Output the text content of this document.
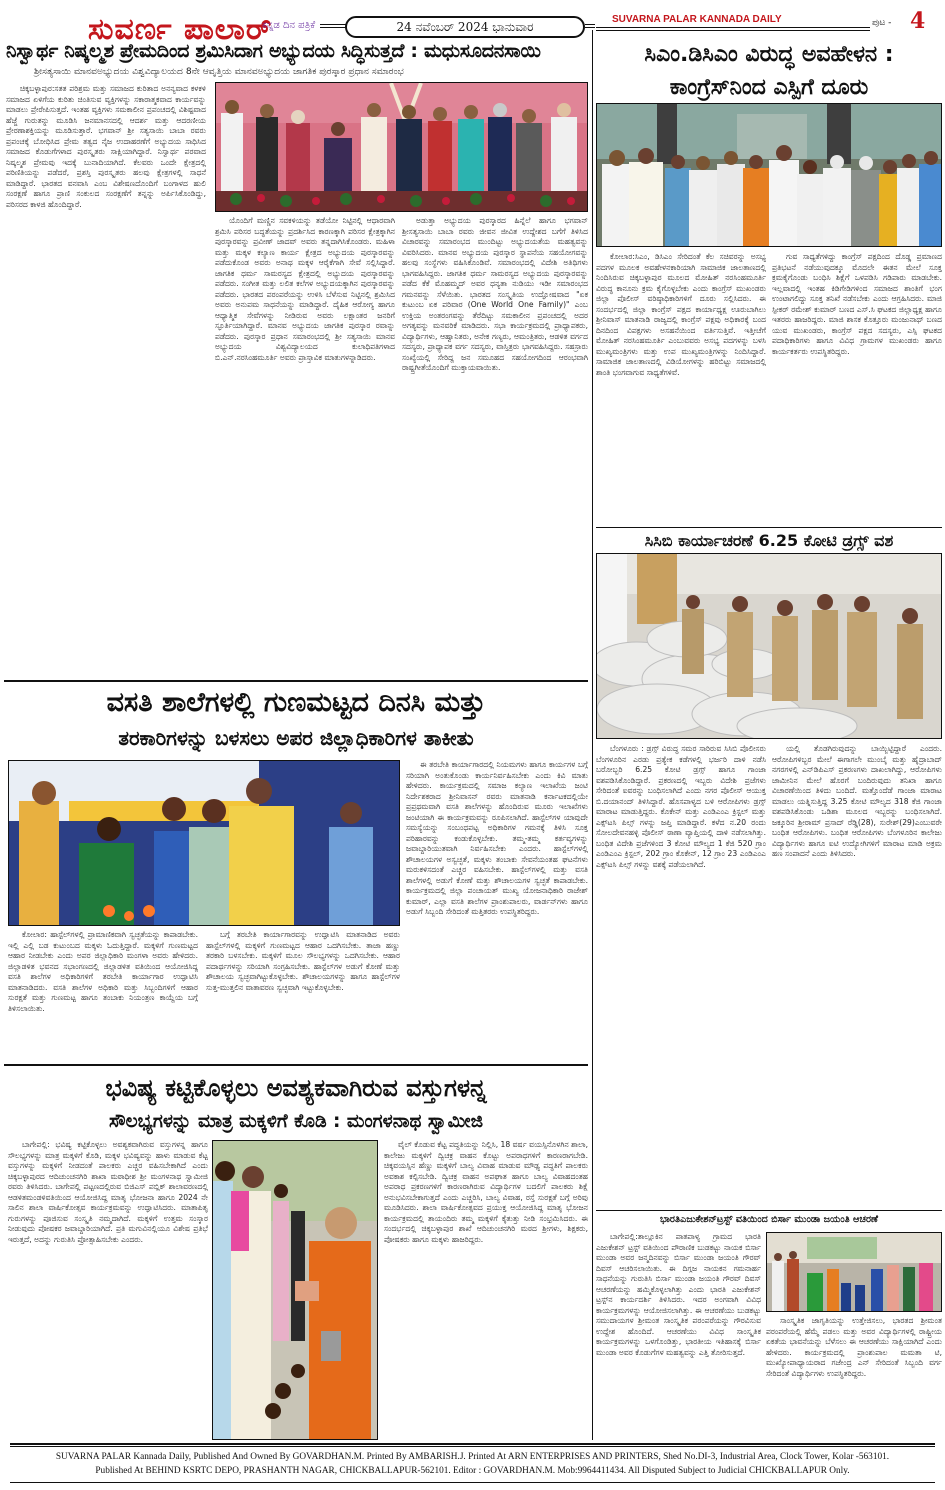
ಸುವರ್ಣ ಪಾಲಾರ್
ಕನ್ನಡ ದಿನ ಪತ್ರಿಕೆ	24 ನವೆಂಬರ್ 2024 ಭಾನುವಾರ
SUVARNA PALAR KANNADA DAILY	ಪುಟ - 4
ನಿಸ್ವಾರ್ಥ ನಿಷ್ಕಲ್ಮಶ ಪ್ರೇಮದಿಂದ ಶ್ರಮಿಸಿದಾಗ ಅಭ್ಯುದಯ ಸಿದ್ಧಿಸುತ್ತದೆ : ಮಧುಸೂದನಸಾಯಿ
ಶ್ರೀಸತ್ಯಸಾಯಿ ಮಾನವಅಭ್ಯುದಯ ವಿಶ್ವವಿದ್ಯಾಲಯದ 8ನೇ ಆವೃತ್ತಿಯ ಮಾನವಅಭ್ಯುದಯ ಜಾಗತಿಕ ಪುರಸ್ಕಾರ ಪ್ರಧಾನ ಸಮಾರಂಭ

ಚಿಕ್ಕಬಳ್ಳಾಪುರ:ಸತತ ಪರಿಶ್ರಮ ಮತ್ತು ಸಮಾಜದ ಕುರಿತಾದ ಅನನ್ಯವಾದ ಕಳಕಳಿ ಸಮಾಜದ ಏಳಿಗೆಯ ಕುರಿತು ಚಿಂತಿಸುವ ವ್ಯಕ್ತಿಗಳನ್ನು ಸಕಾರಾತ್ಮಕವಾದ ಕಾರ್ಯವನ್ನು ಮಾಡಲು ಪ್ರೇರೇಪಿಸುತ್ತದೆ. ಇಂತಹ ವ್ಯಕ್ತಿಗಳು ಸಮಕಾಲೀನ ಪ್ರಪಂಚದಲ್ಲಿ ವಿಶಿಷ್ಟವಾದ ಹೆಜ್ಜೆ ಗುರುತನ್ನು ಮೂಡಿಸಿ ಜನಮಾನಸದಲ್ಲಿ ಆದರ್ಶ ಮತ್ತು ಆದರಣೀಯ ಪ್ರೇರಣಾಶಕ್ತಿಯನ್ನು ಮೂಡಿಸುತ್ತಾರೆ. ಭಗವಾನ್ ಶ್ರೀ ಸತ್ಯಸಾಯಿ ಬಾಬಾ ರವರು ಪ್ರಪಂಚಕ್ಕೆ ಬೋಧಿಸಿದ ಪ್ರೇಮ ತತ್ವದ ನೈಜ ಉದಾಹರಣೆಗೆ ಅಭ್ಯುದಯ ಸಾಧಿಸಿದ ಸಮಾಜದ ಕೊಡುಗೆಗಳಾದ ಪುರಸ್ಕೃತರು ಸಾಕ್ಷಿಯಾಗಿದ್ದಾರೆ. ನಿಸ್ವಾರ್ಥ ಪರವಾದ ನಿಷ್ಕಲ್ಮಶ ಪ್ರೇಮವು ಇದಕ್ಕೆ ಬುನಾದಿಯಾಗಿದೆ. ಕೆಲವರು ಒಂದೇ ಕ್ಷೇತ್ರದಲ್ಲಿ ಪರಿಣಿತಿಯನ್ನು ಪಡೆದರೆ, ಪ್ರಶಸ್ತಿ ಪುರಸ್ಕೃತರು ಹಲವು ಕ್ಷೇತ್ರಗಳಲ್ಲಿ ಸಾಧನೆ ಮಾಡಿದ್ದಾರೆ. ಭಾರತದ ವನವಾಸಿ ಎಂಬ ವಿಶೇಷಣದೊಂದಿಗೆ ಬಂಗಾಳದ ಹುಲಿ ಸಂರಕ್ಷಣೆ ಹಾಗೂ ಪ್ರಾಣಿ ಸಂಕುಲದ ಸಂರಕ್ಷಣೆಗೆ ತನ್ನನ್ನು ಅರ್ಪಿಸಿಕೊಂಡಿದ್ದು, ಪರಿಸರದ ಕಾಳಜಿ ಹೊಂದಿದ್ದಾರೆ.

ಯೊಂದಿಗೆ ಮಣ್ಣಿನ ಸವಕಳಿಯನ್ನು ತಡೆಯೋ ನಿಟ್ಟಿನಲ್ಲಿ ಆಧಾರವಾಗಿ ಶ್ರಮಿಸಿ ಪರಿಸರ ಬದ್ಧತೆಯನ್ನು ಪ್ರದರ್ಶಿಸಿದ ಕಾರಣಕ್ಕಾಗಿ ಪರಿಸರ ಕ್ಷೇತ್ರಕ್ಕಾಗಿನ ಪುರಸ್ಕಾರವನ್ನು ಪ್ರವೀಣ್ ಜಾದವ್ ಅವರು ತನ್ನದಾಗಿಸಿಕೊಂಡರು. ಮಹಿಳಾ ಮತ್ತು ಮಕ್ಕಳ ಕಲ್ಯಾಣ ಕಾರ್ಯ ಕ್ಷೇತ್ರದ ಅಭ್ಯುದಯ ಪುರಸ್ಕಾರವನ್ನು ಪಡೆದುಕೊಂಡ ಅವರು ಅನಾಥ ಮಕ್ಕಳ ಆರೈಕೆಗಾಗಿ ಸೇವೆ ಸಲ್ಲಿಸಿದ್ದಾರೆ. ಜಾಗತಿಕ ಧರ್ಮ ಸಾಮರಸ್ಯದ ಕ್ಷೇತ್ರದಲ್ಲಿ ಅಭ್ಯುದಯ ಪುರಸ್ಕಾರವನ್ನು ಪಡೆದರು. ಸಂಗೀತ ಮತ್ತು ಲಲಿತ ಕಲೆಗಳ ಅಭ್ಯುದಯಕ್ಕಾಗಿನ ಪುರಸ್ಕಾರವನ್ನು ಪಡೆದರು. ಭಾರತದ ಪರಂಪರೆಯನ್ನು ಉಳಿಸಿ ಬೆಳೆಸುವ ನಿಟ್ಟಿನಲ್ಲಿ ಶ್ರಮಿಸಿದ ಅವರು ಅನುಪಮ ಸಾಧನೆಯನ್ನು ಮಾಡಿದ್ದಾರೆ. ದೈಹಿಕ ಆರೋಗ್ಯ ಹಾಗೂ ಆಧ್ಯಾತ್ಮಿಕ ಸೇವೆಗಳನ್ನು ನೀಡಿರುವ ಅವರು ಲಕ್ಷಾಂತರ ಜನರಿಗೆ ಸ್ಫೂರ್ತಿಯಾಗಿದ್ದಾರೆ. ಮಾನವ ಅಭ್ಯುದಯ ಜಾಗತಿಕ ಪುರಸ್ಕಾರ ರವಾನ್ನು ಪಡೆದರು. ಪುರಸ್ಕಾರ ಪ್ರಧಾನ ಸಮಾರಂಭದಲ್ಲಿ ಶ್ರೀ ಸತ್ಯಸಾಯಿ ಮಾನವ ಅಭ್ಯುದಯ ವಿಶ್ವವಿದ್ಯಾಲಯದ ಕುಲಾಧಿಪತಿಗಳಾದ ಬಿ.ಎನ್.ನರಸಿಂಹಮೂರ್ತಿ ಅವರು ಪ್ರಾಸ್ತಾವಿಕ ಮಾತುಗಳನ್ನಾಡಿದರು.

ಅಡುತ್ತಾ ಅಭ್ಯುದಯ ಪುರಸ್ಕಾರದ ಹಿನ್ನೆಲೆ ಹಾಗೂ ಭಗವಾನ್ ಶ್ರೀಸತ್ಯಸಾಯಿ ಬಾಬಾ ರವರು ಜೀವನ ಜೀವಿತ ಉದ್ದೇಶದ ಬಗೆಗೆ ತಿಳಿಸಿದ ವಿಚಾರವನ್ನು ಸಮಾರಂಭದ ಮುಂದಿಟ್ಟು ಅಭ್ಯುದಯತೆಯ ಮಹತ್ವವನ್ನು ವಿವರಿಸಿದರು. ಮಾನವ ಅಭ್ಯುದಯ ಪುರಸ್ಕಾರ ಸ್ಥಾಪನೆಯ ಸಹಯೋಗವನ್ನು ಹಲವು ಸಂಸ್ಥೆಗಳು ವಹಿಸಿಕೊಂಡಿವೆ. ಸಮಾರಂಭದಲ್ಲಿ ವಿದೇಶಿ ಅತಿಥಿಗಳು ಭಾಗವಹಿಸಿದ್ದರು. ಜಾಗತಿಕ ಧರ್ಮ ಸಾಮರಸ್ಯದ ಅಭ್ಯುದಯ ಪುರಸ್ಕಾರವನ್ನು ಪಡೆದ ಕೆಕೆ ಮೊಹಮ್ಮದ್ ಅವರ ಧನ್ಯತಾ ನುಡಿಯು ಇಡೀ ಸಮಾರಂಭದ ಗಮನವನ್ನು ಸೆಳೆಯಿತು. ಭಾರತದ ಸಂಸ್ಕೃತಿಯ ಉದ್ಘೋಷವಾದ "ಏಕ ಕುಟುಂಬ ಏಕ ಪರಿವಾರ (One World One Family)" ಎಂಬ ಉಕ್ತಿಯ ಅಂತರಂಗವನ್ನು ತೆರೆದಿಟ್ಟು ಸಮಕಾಲೀನ ಪ್ರಪಂಚದಲ್ಲಿ ಅದರ ಅಗತ್ಯವನ್ನು ಮನವರಿಕೆ ಮಾಡಿದರು. ಸಭಾ ಕಾರ್ಯಕ್ರಮದಲ್ಲಿ ಪ್ರಾಧ್ಯಾಪಕರು, ವಿದ್ಯಾರ್ಥಿಗಳು, ಆಹ್ವಾನಿತರು, ಅನೇಕ ಗಣ್ಯರು, ಆಮಂತ್ರಿತರು, ಆಡಳಿತ ವರ್ಗದ ಸದಸ್ಯರು, ಪ್ರಾಧ್ಯಾಪಕ ವರ್ಗ ಸದಸ್ಯರು, ವಾಸ್ತಿತ್ರರು ಭಾಗವಹಿಸಿದ್ದರು. ಸಹಸ್ರಾರು ಸಂಖ್ಯೆಯಲ್ಲಿ ಸೇರಿದ್ದ ಜನ ಸಮೂಹದ ಸಹಯೋಗದಿಂದ ಆರಂಭವಾಗಿ ರಾಷ್ಟ್ರಗೀತೆಯೊಂದಿಗೆ ಮುಕ್ತಾಯವಾಯಿತು.

ಸಿಎಂ.ಡಿಸಿಎಂ ವಿರುದ್ಧ ಅವಹೇಳನ :
ಕಾಂಗ್ರೆಸ್‌ನಿಂದ ಎಸ್ಪಿಗೆ ದೂರು

ಕೋಲಾರ:ಸಿಎಂ, ಡಿಸಿಎಂ ಸೇರಿದಂತೆ ಕೆಲ ಸಚಿವರನ್ನು ಅಸಭ್ಯ ಪದಗಳ ಮೂಲಕ ಅವಹೇಳನಕಾರಿಯಾಗಿ ಸಾಮಾಜಿಕ ಜಾಲತಾಣದಲ್ಲಿ ನಿಂದಿಸಿರುವ ಚಿಕ್ಕಬಳ್ಳಾಪುರ ಮೂಲದ ಮೋಹಿತ್ ನರಸಿಂಹಮೂರ್ತಿ ವಿರುದ್ಧ ಕಾನೂನು ಕ್ರಮ ಕೈಗೊಳ್ಳಬೇಕು ಎಂದು ಕಾಂಗ್ರೆಸ್ ಮುಖಂಡರು ಜಿಲ್ಲಾ ಪೊಲೀಸ್ ವರಿಷ್ಠಾಧಿಕಾರಿಗಳಿಗೆ ದೂರು ಸಲ್ಲಿಸಿದರು. ಈ ಸಂದರ್ಭದಲ್ಲಿ ಜಿಲ್ಲಾ ಕಾಂಗ್ರೆಸ್ ಪಕ್ಷದ ಕಾರ್ಯಾಧ್ಯಕ್ಷ ಊರುಬಾಗಿಲು ಶ್ರೀನಿವಾಸ್ ಮಾತನಾಡಿ ರಾಜ್ಯದಲ್ಲಿ ಕಾಂಗ್ರೆಸ್ ಪಕ್ಷವು ಅಧಿಕಾರಕ್ಕೆ ಬಂದ ದಿನದಿಂದ ವಿಪಕ್ಷಗಳು ಅಸಹನೆಯಿಂದ ವರ್ತಿಸುತ್ತಿವೆ. ಇತ್ತೀಚೆಗೆ ಮೋಹಿತ್ ನರಸಿಂಹಮೂರ್ತಿ ಎಂಬುವವರು ಅಸಭ್ಯ ಪದಗಳನ್ನು ಬಳಸಿ ಮುಖ್ಯಮಂತ್ರಿಗಳು ಮತ್ತು ಉಪ ಮುಖ್ಯಮಂತ್ರಿಗಳನ್ನು ನಿಂದಿಸಿದ್ದಾರೆ. ಸಾಮಾಜಿಕ ಜಾಲತಾಣದಲ್ಲಿ ವಿಡಿಯೋಗಳನ್ನು ಹರಿಬಿಟ್ಟು ಸಮಾಜದಲ್ಲಿ ಶಾಂತಿ ಭಂಗವಾಗುವ ಸಾಧ್ಯತೆಗಳಿವೆ.

ಗುವ ಸಾಧ್ಯತೆಗಳಿದ್ದು ಕಾಂಗ್ರೆಸ್ ಪಕ್ಷದಿಂದ ದೊಡ್ಡ ಪ್ರಮಾಣದ ಪ್ರತಿಭಟನೆ ನಡೆಯುವುದಕ್ಕೂ ಮೊದಲೇ ಈತನ ಮೇಲೆ ಸೂಕ್ತ ಕ್ರಮಕೈಗೊಂಡು ಬಂಧಿಸಿ ಶಿಕ್ಷೆಗೆ ಒಳಪಡಿಸಿ ಗಡಿಪಾರು ಮಾಡಬೇಕು. ಇಲ್ಲವಾದಲ್ಲಿ ಇಂತಹ ಕಿಡಿಗೇಡಿಗಳಿಂದ ಸಮಾಜದ ಶಾಂತಿಗೆ ಭಂಗ ಉಂಟಾಗಲಿದ್ದು ಸೂಕ್ತ ತನಿಖೆ ನಡೆಸಬೇಕು ಎಂದು ಆಗ್ರಹಿಸಿದರು. ಮಾಜಿ ಸ್ಪೀಕರ್ ರಮೇಶ್ ಕುಮಾರ್ ಬಣದ ಎಸ್.ಸಿ ಘಟಕದ ಜಿಲ್ಲಾಧ್ಯಕ್ಷ ಹಾಗೂ ಇತರರು ಹಾಜರಿದ್ದರು. ಮಾಜಿ ಶಾಸಕ ಕೊತ್ತೂರು ಮಂಜುನಾಥ್ ಬಣದ ಯುವ ಮುಖಂಡರು, ಕಾಂಗ್ರೆಸ್ ಪಕ್ಷದ ಸದಸ್ಯರು, ಎಸ್ಸಿ ಘಟಕದ ಪದಾಧಿಕಾರಿಗಳು ಹಾಗೂ ವಿವಿಧ ಗ್ರಾಮಗಳ ಮುಖಂಡರು ಹಾಗೂ ಕಾರ್ಯಕರ್ತರು ಉಪಸ್ಥಿತರಿದ್ದರು.

ಸಿಸಿಬಿ ಕಾರ್ಯಾಚರಣೆ 6.25 ಕೋಟಿ ಡ್ರಗ್ಸ್ ವಶ

ಬೆಂಗಳೂರು : ಡ್ರಗ್ಸ್ ವಿರುದ್ಧ ಸಮರ ಸಾರಿರುವ ಸಿಸಿಬಿ ಪೊಲೀಸರು ಬೆಂಗಳೂರಿನ ಎರಡು ಪ್ರತ್ಯೇಕ ಕಡೆಗಳಲ್ಲಿ ಭರ್ಜರಿ ದಾಳಿ ನಡೆಸಿ ಬರೋಬ್ಬರಿ 6.25 ಕೋಟಿ ಡ್ರಗ್ಸ್ ಹಾಗೂ ಗಾಂಜಾ ವಶಪಡಿಸಿಕೊಂಡಿದ್ದಾರೆ. ಪ್ರಕರಣದಲ್ಲಿ ಇಬ್ಬರು ವಿದೇಶಿ ಪ್ರಜೆಗಳು ಸೇರಿದಂತೆ ಐವರನ್ನು ಬಂಧಿಸಲಾಗಿದೆ ಎಂದು ನಗರ ಪೊಲೀಸ್ ಆಯುಕ್ತ ಬಿ.ದಯಾನಂದ್ ತಿಳಿಸಿದ್ದಾರೆ. ಹೊಸಪಾಳ್ಯದ ಬಳಿ ಆರೋಪಿಗಳು ಡ್ರಗ್ಸ್ ಮಾರಾಟ ಮಾಡುತ್ತಿದ್ದರು. ಕೊಕೇನ್ ಮತ್ತು ಎಂಡಿಎಂಎ ಕ್ರಿಸ್ಟಲ್ ಮತ್ತು ಎಕ್ಸ್‌ಟಸಿ ಪಿಲ್ಸ್ ಗಳನ್ನು ಜಪ್ತಿ ಮಾಡಿದ್ದಾರೆ. ಕಳೆದ ನ.20 ರಂದು ಸೋಲದೇವನಹಳ್ಳಿ ಪೊಲೀಸ್ ಠಾಣಾ ವ್ಯಾಪ್ತಿಯಲ್ಲಿ ದಾಳಿ ನಡೆಸಲಾಗಿತ್ತು. ಬಂಧಿತ ವಿದೇಶಿ ಪ್ರಜೆಗಳಿಂದ 3 ಕೋಟಿ ಮೌಲ್ಯದ 1 ಕೆಜಿ 520 ಗ್ರಾಂ ಎಂಡಿಎಂಎ ಕ್ರಿಸ್ಟಲ್, 202 ಗ್ರಾಂ ಕೊಕೇನ್, 12 ಗ್ರಾಂ 23 ಎಂಡಿಎಂಎ ಎಕ್ಸ್‌ಟಸಿ ಪಿಲ್ಸ್ ಗಳನ್ನು ವಶಕ್ಕೆ ಪಡೆಯಲಾಗಿದೆ.

ಯಲ್ಲಿ ತೊಡಗಿರುವುದನ್ನು ಬಾಯ್ಬಿಟ್ಟಿದ್ದಾರೆ ಎಂದರು. ಆರೋಪಿಗಳಿಬ್ಬರ ಮೇಲೆ ಈಗಾಗಲೇ ಮುಂಬೈ ಮತ್ತು ಹೈದ್ರಾಬಾದ್ ನಗರಗಳಲ್ಲಿ ಎನ್‌ಡಿಪಿಎಸ್ ಪ್ರಕರಣಗಳು ದಾಖಲಾಗಿದ್ದು, ಆರೋಪಿಗಳು ಜಾಮೀನಿನ ಮೇಲೆ ಹೊರಗೆ ಬಂದಿರುವುದು ತನಿಖಾ ಹಾಗೂ ವಿಚಾರಣೆಯಿಂದ ತಿಳಿದು ಬಂದಿದೆ. ಮತ್ತೊಂದೆಡೆ ಗಾಂಜಾ ಮಾರಾಟ ಮಾಡಲು ಯತ್ನಿಸುತ್ತಿದ್ದ 3.25 ಕೋಟಿ ಮೌಲ್ಯದ 318 ಕೆಜಿ ಗಾಂಜಾ ವಶಪಡಿಸಿಕೊಂಡು ಒಡಿಶಾ ಮೂಲದ ಇಬ್ಬರನ್ನು ಬಂಧಿಸಲಾಗಿದೆ. ಜಕ್ಕೂರಿನ ಶ್ರೀರಾಮ್ ಪ್ರಸಾದ್ ರೆಡ್ಡಿ(28), ಸುರೇಶ್(29)ಎಂಬುವರೇ ಬಂಧಿತ ಆರೋಪಿಗಳು. ಬಂಧಿತ ಆರೋಪಿಗಳು ಬೆಂಗಳೂರಿನ ಕಾಲೇಜು ವಿದ್ಯಾರ್ಥಿಗಳು ಹಾಗೂ ಐಟಿ ಉದ್ಯೋಗಿಗಳಿಗೆ ಮಾರಾಟ ಮಾಡಿ ಅಕ್ರಮ ಹಣ ಸಂಪಾದನೆ ಎಂದು ತಿಳಿಸಿದರು.

ಭಾರತಿಎಜುಕೇಶನ್‌ಟ್ರಸ್ಟ್ ವತಿಯಿಂದ ಬಿರ್ಸಾ ಮುಂಡಾ ಜಯಂತಿ ಆಚರಣೆ

ಬಾಗೇಪಲ್ಲಿ:ತಾಲ್ಲೂಕಿನ ಪಾತಪಾಳ್ಯ ಗ್ರಾಮದ ಭಾರತಿ ಎಜುಕೇಶನ್ ಟ್ರಸ್ಟ್ ವತಿಯಿಂದ ಪೌರಾಣಿಕ ಬುಡಕಟ್ಟು ನಾಯಕ ಬಿರ್ಸಾ ಮುಂಡಾ ಅವರ ಜನ್ಮದಿನವನ್ನು ಬಿರ್ಸಾ ಮುಂಡಾ ಜಯಂತಿ ಗೌರವ್ ದಿವಸ್ ಆಚರಿಸಲಾಯಿತು. ಈ ದಿಗ್ಗಜ ನಾಯಕನ ಗಮನಾರ್ಹ ಸಾಧನೆಯನ್ನು ಗುರುತಿಸಿ ಬಿರ್ಸಾ ಮುಂಡಾ ಜಯಂತಿ ಗೌರವ್ ದಿವಸ್ ಆಚರಣೆಯನ್ನು ಹಮ್ಮಿಕೊಳ್ಳಲಾಗಿತ್ತು ಎಂದು ಭಾರತಿ ಎಜುಕೇಶನ್ ಟ್ರಸ್ಟ್‌ನ ಕಾರ್ಯದರ್ಶಿ ತಿಳಿಸಿದರು. ಇದರ ಅಂಗವಾಗಿ ವಿವಿಧ ಕಾರ್ಯಕ್ರಮಗಳನ್ನು ಆಯೋಜಿಸಲಾಗಿತ್ತು. ಈ ಆಚರಣೆಯು ಬುಡಕಟ್ಟು ಸಮುದಾಯಗಳ ಶ್ರೀಮಂತ ಸಾಂಸ್ಕೃತಿಕ ಪರಂಪರೆಯನ್ನು ಗೌರವಿಸುವ ಉದ್ದೇಶ ಹೊಂದಿದೆ. ಆಚರಣೆಯು ವಿವಿಧ ಸಾಂಸ್ಕೃತಿಕ ಕಾರ್ಯಕ್ರಮಗಳನ್ನು ಒಳಗೊಂಡಿತ್ತು, ಭಾರತೀಯ ಇತಿಹಾಸಕ್ಕೆ ಬಿರ್ಸಾ ಮುಂಡಾ ಅವರ ಕೊಡುಗೆಗಳ ಮಹತ್ವವನ್ನು ಎತ್ತಿ ತೋರಿಸುತ್ತದೆ.

ಸಾಂಸ್ಕೃತಿಕ ಜಾಗೃತಿಯನ್ನು ಉತ್ತೇಜಿಸಲು, ಭಾರತದ ಶ್ರೀಮಂತ ಪರಂಪರೆಯಲ್ಲಿ ಹೆಮ್ಮೆ ಪಡಲು ಮತ್ತು ಅವರ ವಿದ್ಯಾರ್ಥಿಗಳಲ್ಲಿ ರಾಷ್ಟ್ರೀಯ ಏಕತೆಯ ಭಾವನೆಯನ್ನು ಬೆಳೆಸಲು ಈ ಆಚರಣೆಯು ಸಾಕ್ಷಿಯಾಗಿದೆ ಎಂದು ಹೇಳಿದರು. ಕಾರ್ಯಕ್ರಮದಲ್ಲಿ ಪ್ರಾಂಶುಪಾಲ ಮಮತಾ ಟಿ, ಮುಖ್ಯೋಪಾಧ್ಯಾಯರಾದ ಗಜೇಂದ್ರ ಎನ್ ಸೇರಿದಂತೆ ಸಿಬ್ಬಂದಿ ವರ್ಗ ಸೇರಿದಂತೆ ವಿದ್ಯಾರ್ಥಿಗಳು ಉಪಸ್ಥಿತರಿದ್ದರು.

ವಸತಿ ಶಾಲೆಗಳಲ್ಲಿ ಗುಣಮಟ್ಟದ ದಿನಸಿ ಮತ್ತು
ತರಕಾರಿಗಳನ್ನು ಬಳಸಲು ಅಪರ ಜಿಲ್ಲಾಧಿಕಾರಿಗಳ ತಾಕೀತು

ಈ ತರಬೇತಿ ಕಾರ್ಯಾಗಾರದಲ್ಲಿ ನಿಯಮಗಳು ಹಾಗೂ ಕಾರ್ಯಗಳ ಬಗ್ಗೆ ಸರಿಯಾಗಿ ಅಂತುಕೊಂಡು ಕಾರ್ಯನಿರ್ವಹಿಸಬೇಕು ಎಂದು ಕಿವಿ ಮಾತು ಹೇಳಿದರು. ಕಾರ್ಯಕ್ರಮದಲ್ಲಿ ಸಮಾಜ ಕಲ್ಯಾಣ ಇಲಾಖೆಯ ಜಂಟಿ ನಿರ್ದೇಶಕರಾದ ಶ್ರೀನಿವಾಸನ್ ರವರು ಮಾತನಾಡಿ ಕರ್ನಾಟಕದಲ್ಲಿಯೇ ಪ್ರಪ್ರಥಮವಾಗಿ ವಸತಿ ಶಾಲೆಗಳನ್ನು ಹೊಂದಿರುವ ಮೂರು ಇಲಾಖೆಗಳು ಜಂಟಿಯಾಗಿ ಈ ಕಾರ್ಯಕ್ರಮವನ್ನು ರೂಪಿಸಲಾಗಿದೆ. ಹಾಸ್ಟೆಲ್‌ಗಳ ಯಾವುದೇ ಸಮಸ್ಯೆಯನ್ನು ಸಂಬಂಧಪಟ್ಟ ಅಧಿಕಾರಿಗಳ ಗಮನಕ್ಕೆ ತಿಳಿಸಿ ಸೂಕ್ತ ಪರಿಹಾರವನ್ನು ಕಂಡುಕೊಳ್ಳಬೇಕು. ತಮ್ಮ-ತಮ್ಮ ಕರ್ತವ್ಯಗಳನ್ನು ಜವಾಬ್ದಾರಿಯುತವಾಗಿ ನಿರ್ವಹಿಸಬೇಕು ಎಂದರು. ಹಾಸ್ಟೆಲ್‌ಗಳಲ್ಲಿ ಶೌಚಾಲಯಗಳ ಅಸ್ವಚ್ಛತೆ, ಮಕ್ಕಳು ತಂಬಾಕು ಸೇವನೆಯಂತಹ ಘಟನೆಗಳು ಮರುಕಳಿಸದಂತೆ ಎಚ್ಚರ ವಹಿಸಬೇಕು. ಹಾಸ್ಟೆಲ್‌ಗಳಲ್ಲಿ ಮತ್ತು ವಸತಿ ಶಾಲೆಗಳಲ್ಲಿ ಅಡುಗೆ ಕೋಣೆ ಮತ್ತು ಶೌಚಾಲಯಗಳ ಸ್ವಚ್ಛತೆ ಕಾಪಾಡಬೇಕು. ಕಾರ್ಯಕ್ರಮದಲ್ಲಿ ಜಿಲ್ಲಾ ಪಂಚಾಯತ್ ಮುಖ್ಯ ಯೋಜನಾಧಿಕಾರಿ ರಾಜೇಶ್ ಕುಮಾರ್, ಎಲ್ಲಾ ವಸತಿ ಶಾಲೆಗಳ ಪ್ರಾಂಶುಪಾಲರು, ವಾರ್ಡನ್‌ಗಳು ಹಾಗೂ ಅಡುಗೆ ಸಿಬ್ಬಂದಿ ಸೇರಿದಂತೆ ಮತ್ತಿತರರು ಉಪಸ್ಥಿತರಿದ್ದರು.

ಕೋಲಾರ: ಹಾಸ್ಟೆಲ್‌ಗಳಲ್ಲಿ ಪ್ರಾಮಾಣಿಕವಾಗಿ ಸ್ವಚ್ಛತೆಯನ್ನು ಕಾಪಾಡಬೇಕು. ಇಲ್ಲಿ ಎಲ್ಲಿ ಬಡ ಕುಟುಂಬದ ಮಕ್ಕಳು ಓದುತ್ತಿದ್ದಾರೆ. ಮಕ್ಕಳಿಗೆ ಗುಣಮಟ್ಟದ ಆಹಾರ ನೀಡಬೇಕು ಎಂದು ಅಪರ ಜಿಲ್ಲಾಧಿಕಾರಿ ಮಂಗಳಾ ಅವರು ಹೇಳಿದರು. ಜಿಲ್ಲಾಡಳಿತ ಭವನದ ಸಭಾಂಗಣದಲ್ಲಿ ಜಿಲ್ಲಾಡಳಿತ ವತಿಯಿಂದ ಆಯೋಜಿಸಿದ್ದ ವಸತಿ ಶಾಲೆಗಳ ಅಧಿಕಾರಿಗಳಿಗೆ ತರಬೇತಿ ಕಾರ್ಯಾಗಾರ ಉದ್ಘಾಟಿಸಿ ಮಾತನಾಡಿದರು. ವಸತಿ ಶಾಲೆಗಳ ಅಧಿಕಾರಿ ಮತ್ತು ಸಿಬ್ಬಂದಿಗಳಿಗೆ ಆಹಾರ ಸುರಕ್ಷತೆ ಮತ್ತು ಗುಣಮಟ್ಟ ಹಾಗೂ ತಂಬಾಕು ನಿಯಂತ್ರಣ ಕಾಯ್ದೆಯ ಬಗ್ಗೆ ತಿಳಿಸಲಾಯಿತು.

ಬಗ್ಗೆ ತರಬೇತಿ ಕಾರ್ಯಾಗಾರವನ್ನು ಉದ್ಘಾಟಿಸಿ ಮಾತನಾಡಿದ ಅವರು ಹಾಸ್ಟೆಲ್‌ಗಳಲ್ಲಿ ಮಕ್ಕಳಿಗೆ ಗುಣಮಟ್ಟದ ಆಹಾರ ಒದಗಿಸಬೇಕು. ತಾಜಾ ಹಣ್ಣು ತರಕಾರಿ ಬಳಸಬೇಕು. ಮಕ್ಕಳಿಗೆ ಮೂಲ ಸೌಲಭ್ಯಗಳನ್ನು ಒದಗಿಸಬೇಕು. ಆಹಾರ ಪದಾರ್ಥಗಳನ್ನು ಸರಿಯಾಗಿ ಸಂಗ್ರಹಿಸಬೇಕು. ಹಾಸ್ಟೆಲ್‌ಗಳ ಅಡುಗೆ ಕೋಣೆ ಮತ್ತು ಶೌಚಾಲಯ ಸ್ವಚ್ಛವಾಗಿಟ್ಟುಕೊಳ್ಳಬೇಕು. ಶೌಚಾಲಯಗಳನ್ನು ಹಾಗೂ ಹಾಸ್ಟೆಲ್‌ಗಳ ಸುತ್ತ-ಮುತ್ತಲಿನ ವಾತಾವರಣ ಸ್ವಚ್ಛವಾಗಿ ಇಟ್ಟುಕೊಳ್ಳಬೇಕು.

ಭವಿಷ್ಯ ಕಟ್ಟಿಕೊಳ್ಳಲು ಅವಶ್ಯಕವಾಗಿರುವ ವಸ್ತುಗಳನ್ನ
ಸೌಲಭ್ಯಗಳನ್ನು ಮಾತ್ರ ಮಕ್ಕಳಿಗೆ ಕೊಡಿ : ಮಂಗಳನಾಥ ಸ್ವಾಮೀಜಿ

ಬಾಗೇಪಲ್ಲಿ: ಭವಿಷ್ಯ ಕಟ್ಟಿಕೊಳ್ಳಲು ಅವಶ್ಯಕವಾಗಿರುವ ವಸ್ತುಗಳನ್ನ ಹಾಗೂ ಸೌಲಭ್ಯಗಳನ್ನು ಮಾತ್ರ ಮಕ್ಕಳಿಗೆ ಕೊಡಿ, ಮಕ್ಕಳ ಭವಿಷ್ಯವನ್ನು ಹಾಳು ಮಾಡುವ ಕೆಟ್ಟ ವಸ್ತುಗಳನ್ನು ಮಕ್ಕಳಿಗೆ ನೀಡದಂತೆ ಪಾಲಕರು ಎಚ್ಚರ ವಹಿಸಬೇಕಾಗಿದೆ ಎಂದು ಚಿಕ್ಕಬಳ್ಳಾಪುರದ ಆದಿಚುಂಚನಗಿರಿ ಶಾಖಾ ಮಠಾಧೀಶ ಶ್ರೀ ಮಂಗಳನಾಥ ಸ್ವಾಮೀಜಿ ರವರು ತಿಳಿಸಿದರು. ಬಾಗೇಪಲ್ಲಿ ಪಟ್ಟಣದಲ್ಲಿರುವ ಬಿಜಿಎಸ್ ಪಬ್ಲಿಕ್ ಶಾಲಾವರಣದಲ್ಲಿ ಆಡಳಿತಮಂಡಳಿವತಿಯಿಂದ ಆಯೋಜಿಸಿದ್ದ ಮಾತೃ ಭೋಜನಾ ಹಾಗೂ 2024 ನೇ ಸಾಲಿನ ಶಾಲಾ ವಾರ್ಷಿಕೋತ್ಸವ ಕಾರ್ಯಕ್ರಮವನ್ನು ಉದ್ಘಾಟಿಸಿದರು. ಮಾತಾಪಿತೃ ಗುರುಗಳನ್ನು ಪೂಜಿಸುವ ಸಂಸ್ಕೃತಿ ನಮ್ಮದಾಗಿದೆ. ಮಕ್ಕಳಿಗೆ ಉತ್ತಮ ಸಂಸ್ಕಾರ ನೀಡುವುದು ಪೋಷಕರ ಜವಾಬ್ದಾರಿಯಾಗಿದೆ. ಪ್ರತಿ ಮಗುವಿನಲ್ಲಿಯೂ ವಿಶೇಷ ಪ್ರತಿಭೆ ಇರುತ್ತದೆ, ಅದನ್ನು ಗುರುತಿಸಿ ಪ್ರೋತ್ಸಾಹಿಸಬೇಕು ಎಂದರು.

ವೈಲ್ ಕೊಡುವ ಕೆಟ್ಟ ಪದ್ಧತಿಯನ್ನು ನಿಲ್ಲಿಸಿ, 18 ವರ್ಷ ವಯಸ್ಸಿನೊಳಗಿನ ಶಾಲಾ, ಕಾಲೇಜು ಮಕ್ಕಳಿಗೆ ದ್ವಿಚಕ್ರ ವಾಹನ ಕೊಟ್ಟು ಅಪರಾಧಗಳಿಗೆ ಕಾರಣರಾಗಬೇಡಿ. ಚಿಕ್ಕವಯಸ್ಸಿನ ಹೆಣ್ಣು ಮಕ್ಕಳಿಗೆ ಬಾಲ್ಯ ವಿವಾಹ ಮಾಡುವ ಮೌಢ್ಯ ಪದ್ಧತಿಗೆ ಪಾಲಕರು ಅವಕಾಶ ಕಲ್ಪಿಸಬೇಡಿ. ದ್ವಿಚಕ್ರ ವಾಹನ ಅಪಘಾತ ಹಾಗೂ ಬಾಲ್ಯ ವಿವಾಹದಂತಹ ಅಪರಾಧ ಪ್ರಕರಣಗಳಿಗೆ ಕಾರಣರಾಗಿರುವ ವಿದ್ಯಾರ್ಥಿಗಳ ಬದಲಿಗೆ ಪಾಲಕರು ಶಿಕ್ಷೆ ಅನುಭವಿಸಬೇಕಾಗುತ್ತದೆ ಎಂದು ಎಚ್ಚರಿಸಿ, ಬಾಲ್ಯ ವಿವಾಹ, ರಸ್ತೆ ಸುರಕ್ಷತೆ ಬಗ್ಗೆ ಅರಿವು ಮೂಡಿಸಿದರು. ಶಾಲಾ ವಾರ್ಷಿಕೋತ್ಸವದ ಪ್ರಯುಕ್ತ ಆಯೋಜಿಸಿದ್ದ ಮಾತೃ ಭೋಜನ ಕಾರ್ಯಕ್ರಮದಲ್ಲಿ ತಾಯಂದಿರು ತಮ್ಮ ಮಕ್ಕಳಿಗೆ ಕೈತುತ್ತು ನೀಡಿ ಸಂಭ್ರಮಿಸಿದರು. ಈ ಸಂದರ್ಭದಲ್ಲಿ ಚಿಕ್ಕಬಳ್ಳಾಪುರ ಶಾಖೆ ಆದಿಚುಂಚನಗಿರಿ ಮಠದ ಶ್ರೀಗಳು, ಶಿಕ್ಷಕರು, ಪೋಷಕರು ಹಾಗೂ ಮಕ್ಕಳು ಹಾಜರಿದ್ದರು.

SUVARNA PALAR Kannada Daily, Published And Owned By GOVARDHAN.M. Printed By AMBARISH.J. Printed At ARN ENTERPRISES AND PRINTERS, Shed No.DI-3, Industrial Area, Clock Tower, Kolar -563101.
Published At BEHIND KSRTC DEPO, PRASHANTH NAGAR, CHICKBALLAPUR-562101. Editor : GOVARDHAN.M. Mob:9964411434. All Disputed Subject to Judicial CHICKBALLAPUR Only.
